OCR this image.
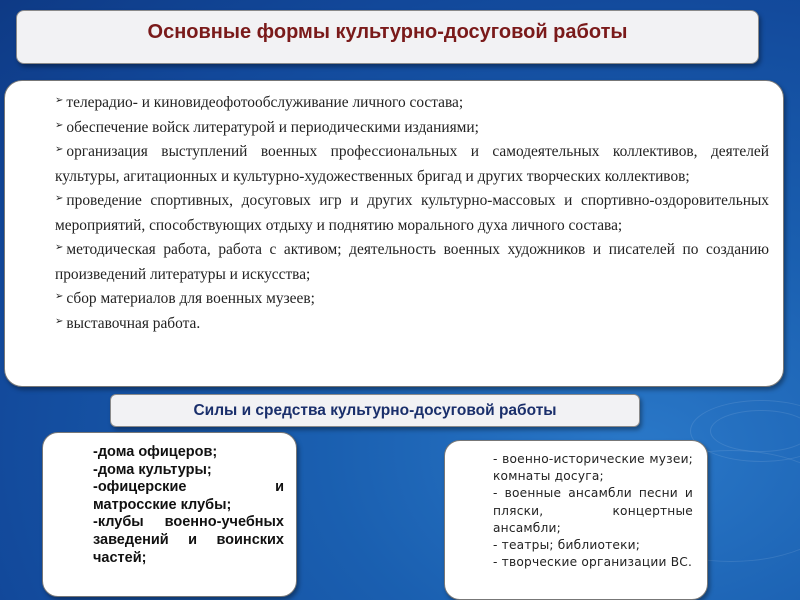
Основные формы культурно-досуговой работы
➢ телерадио- и киновидеофотообслуживание личного состава;
➢ обеспечение войск литературой и периодическими изданиями;
➢ организация выступлений военных профессиональных и самодеятельных коллективов, деятелей культуры, агитационных и культурно-художественных бригад и других творческих коллективов;
➢ проведение спортивных, досуговых игр и других культурно-массовых и спортивно-оздоровительных мероприятий, способствующих отдыху и поднятию морального духа личного состава;
➢ методическая работа, работа с активом; деятельность военных художников и писателей по созданию произведений литературы и искусства;
➢ сбор материалов для военных музеев;
➢ выставочная работа.
Силы и средства культурно-досуговой работы
-дома офицеров;
-дома культуры;
-офицерские и матросские клубы;
-клубы военно-учебных заведений и воинских частей;
- военно-исторические музеи; комнаты досуга;
- военные ансамбли песни и пляски, концертные ансамбли;
- театры; библиотеки;
- творческие организации ВС.
